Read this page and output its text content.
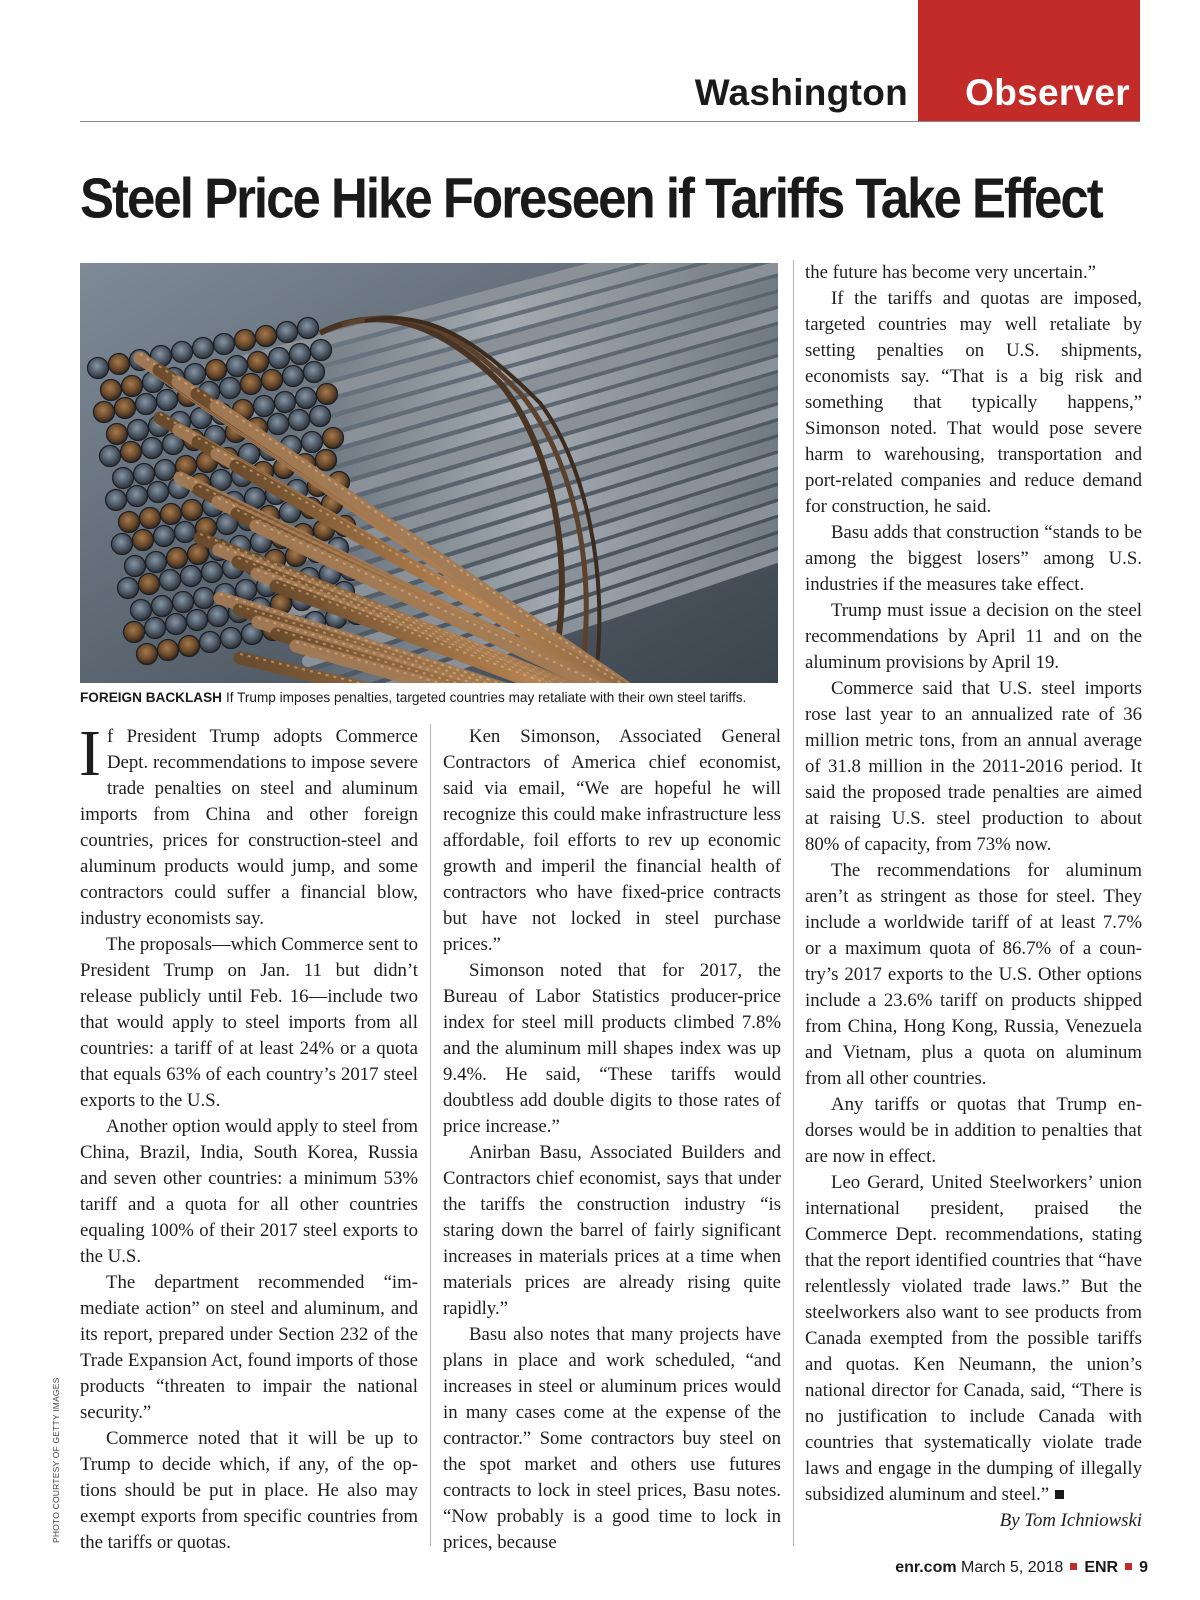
Washington Observer
Steel Price Hike Foreseen if Tariffs Take Effect
FOREIGN BACKLASH If Trump imposes penalties, targeted countries may retaliate with their own steel tariffs.
PHOTO COURTESY OF GETTY IMAGES

If President Trump adopts Commerce Dept. recommendations to impose severe trade penalties on steel and aluminum imports from China and other foreign countries, prices for construction-steel and aluminum products would jump, and some contractors could suffer a financial blow, industry economists say.

The proposals—which Commerce sent to President Trump on Jan. 11 but didn’t release publicly until Feb. 16—include two that would apply to steel imports from all countries: a tariff of at least 24% or a quota that equals 63% of each country’s 2017 steel exports to the U.S.

Another option would apply to steel from China, Brazil, India, South Korea, Russia and seven other countries: a minimum 53% tariff and a quota for all other countries equaling 100% of their 2017 steel exports to the U.S.

The department recommended “immediate action” on steel and aluminum, and its report, prepared under Section 232 of the Trade Expansion Act, found imports of those products “threaten to impair the national security.”

Commerce noted that it will be up to Trump to decide which, if any, of the options should be put in place. He also may exempt exports from specific countries from the tariffs or quotas.

Ken Simonson, Associated General Contractors of America chief economist, said via email, “We are hopeful he will recognize this could make infrastructure less affordable, foil efforts to rev up economic growth and imperil the financial health of contractors who have fixed-price contracts but have not locked in steel purchase prices.”

Simonson noted that for 2017, the Bureau of Labor Statistics producer-price index for steel mill products climbed 7.8% and the aluminum mill shapes index was up 9.4%. He said, “These tariffs would doubtless add double digits to those rates of price increase.”

Anirban Basu, Associated Builders and Contractors chief economist, says that under the tariffs the construction industry “is staring down the barrel of fairly significant increases in materials prices at a time when materials prices are already rising quite rapidly.”

Basu also notes that many projects have plans in place and work scheduled, “and increases in steel or aluminum prices would in many cases come at the expense of the contractor.” Some contractors buy steel on the spot market and others use futures contracts to lock in steel prices, Basu notes. “Now probably is a good time to lock in prices, because

the future has become very uncertain.”

If the tariffs and quotas are imposed, targeted countries may well retaliate by setting penalties on U.S. shipments, economists say. “That is a big risk and something that typically happens,” Simonson noted. That would pose severe harm to warehousing, transportation and port-related companies and reduce demand for construction, he said.

Basu adds that construction “stands to be among the biggest losers” among U.S. industries if the measures take effect.

Trump must issue a decision on the steel recommendations by April 11 and on the aluminum provisions by April 19.

Commerce said that U.S. steel imports rose last year to an annualized rate of 36 million metric tons, from an annual average of 31.8 million in the 2011-2016 period. It said the proposed trade penalties are aimed at raising U.S. steel production to about 80% of capacity, from 73% now.

The recommendations for aluminum aren’t as stringent as those for steel. They include a worldwide tariff of at least 7.7% or a maximum quota of 86.7% of a country’s 2017 exports to the U.S. Other options include a 23.6% tariff on products shipped from China, Hong Kong, Russia, Venezuela and Vietnam, plus a quota on aluminum from all other countries.

Any tariffs or quotas that Trump endorses would be in addition to penalties that are now in effect.

Leo Gerard, United Steelworkers’ union international president, praised the Commerce Dept. recommendations, stating that the report identified countries that “have relentlessly violated trade laws.” But the steelworkers also want to see products from Canada exempted from the possible tariffs and quotas. Ken Neumann, the union’s national director for Canada, said, “There is no justification to include Canada with countries that systematically violate trade laws and engage in the dumping of illegally subsidized aluminum and steel.”

By Tom Ichniowski

enr.com March 5, 2018 ENR 9
